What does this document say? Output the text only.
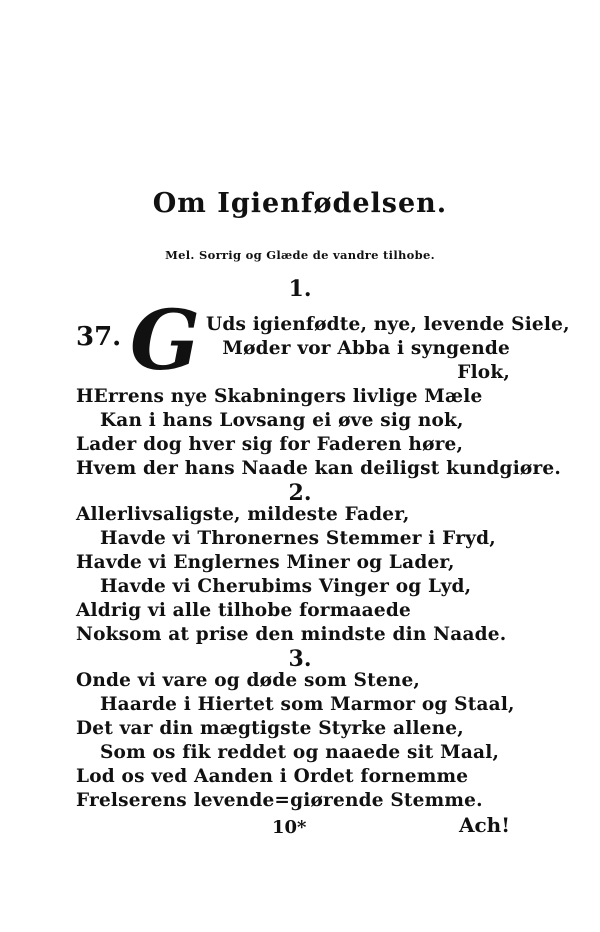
Om Igienfødelsen.
Mel. Sorrig og Glæde de vandre tilhobe.
1.
37. G Uds igienfødte, nye, levende Siele,
Møder vor Abba i syngende
Flok,
HErrens nye Skabningers livlige Mæle
Kan i hans Lovsang ei øve sig nok,
Lader dog hver sig for Faderen høre,
Hvem der hans Naade kan deiligst kundgiøre.
2.
Allerlivsaligste, mildeste Fader,
Havde vi Thronernes Stemmer i Fryd,
Havde vi Englernes Miner og Lader,
Havde vi Cherubims Vinger og Lyd,
Aldrig vi alle tilhobe formaaede
Noksom at prise den mindste din Naade.
3.
Onde vi vare og døde som Stene,
Haarde i Hiertet som Marmor og Staal,
Det var din mægtigste Styrke allene,
Som os fik reddet og naaede sit Maal,
Lod os ved Aanden i Ordet fornemme
Frelserens levende=giørende Stemme.
10*	Ach!
